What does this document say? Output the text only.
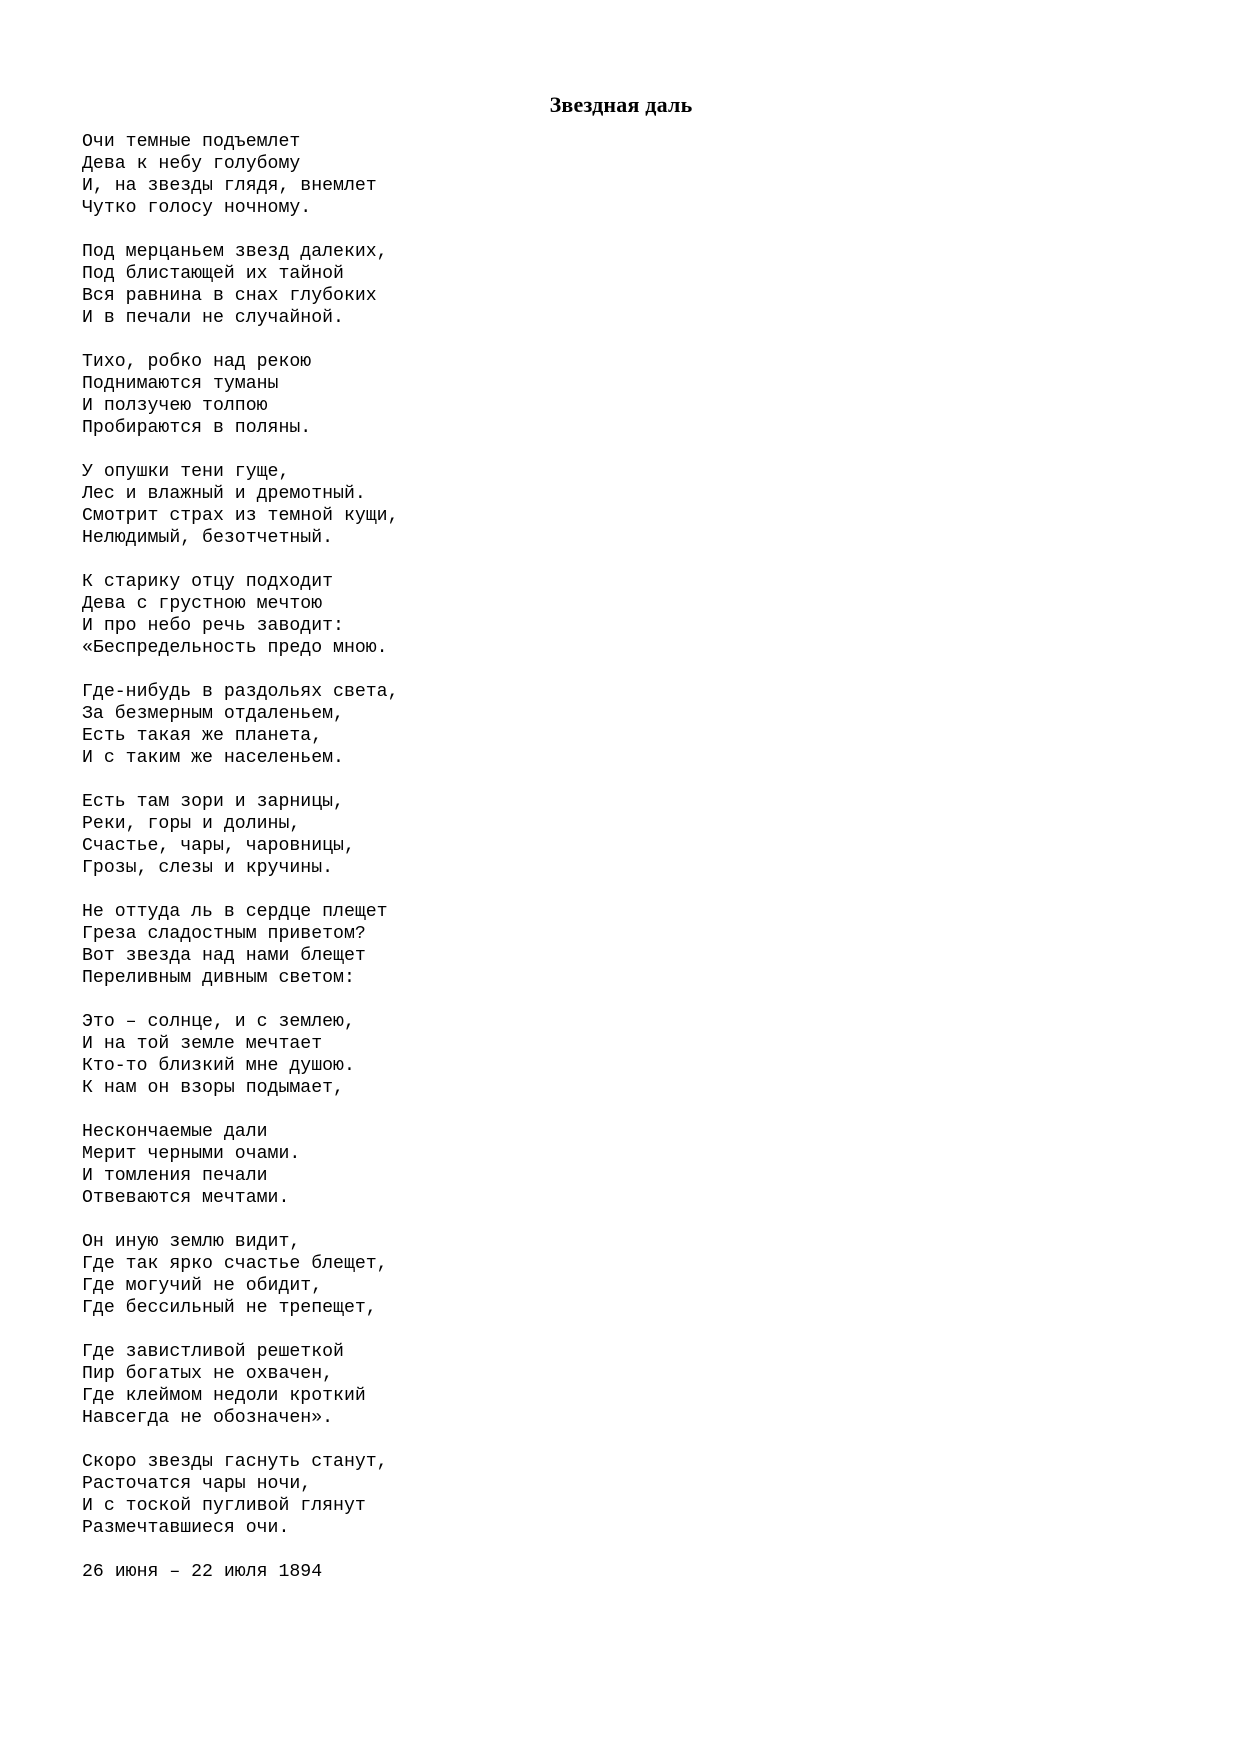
Звездная даль
Очи темные подъемлет
Дева к небу голубому
И, на звезды глядя, внемлет
Чутко голосу ночному.
Под мерцаньем звезд далеких,
Под блистающей их тайной
Вся равнина в снах глубоких
И в печали не случайной.
Тихо, робко над рекою
Поднимаются туманы
И ползучею толпою
Пробираются в поляны.
У опушки тени гуще,
Лес и влажный и дремотный.
Смотрит страх из темной кущи,
Нелюдимый, безотчетный.
К старику отцу подходит
Дева с грустною мечтою
И про небо речь заводит:
«Беспредельность предо мною.
Где-нибудь в раздольях света,
За безмерным отдаленьем,
Есть такая же планета,
И с таким же населеньем.
Есть там зори и зарницы,
Реки, горы и долины,
Счастье, чары, чаровницы,
Грозы, слезы и кручины.
Не оттуда ль в сердце плещет
Греза сладостным приветом?
Вот звезда над нами блещет
Переливным дивным светом:
Это – солнце, и с землею,
И на той земле мечтает
Кто-то близкий мне душою.
К нам он взоры подымает,
Нескончаемые дали
Мерит черными очами.
И томления печали
Отвеваются мечтами.
Он иную землю видит,
Где так ярко счастье блещет,
Где могучий не обидит,
Где бессильный не трепещет,
Где завистливой решеткой
Пир богатых не охвачен,
Где клеймом недоли кроткий
Навсегда не обозначен».
Скоро звезды гаснуть станут,
Расточатся чары ночи,
И с тоской пугливой глянут
Размечтавшиеся очи.
26 июня – 22 июля 1894
